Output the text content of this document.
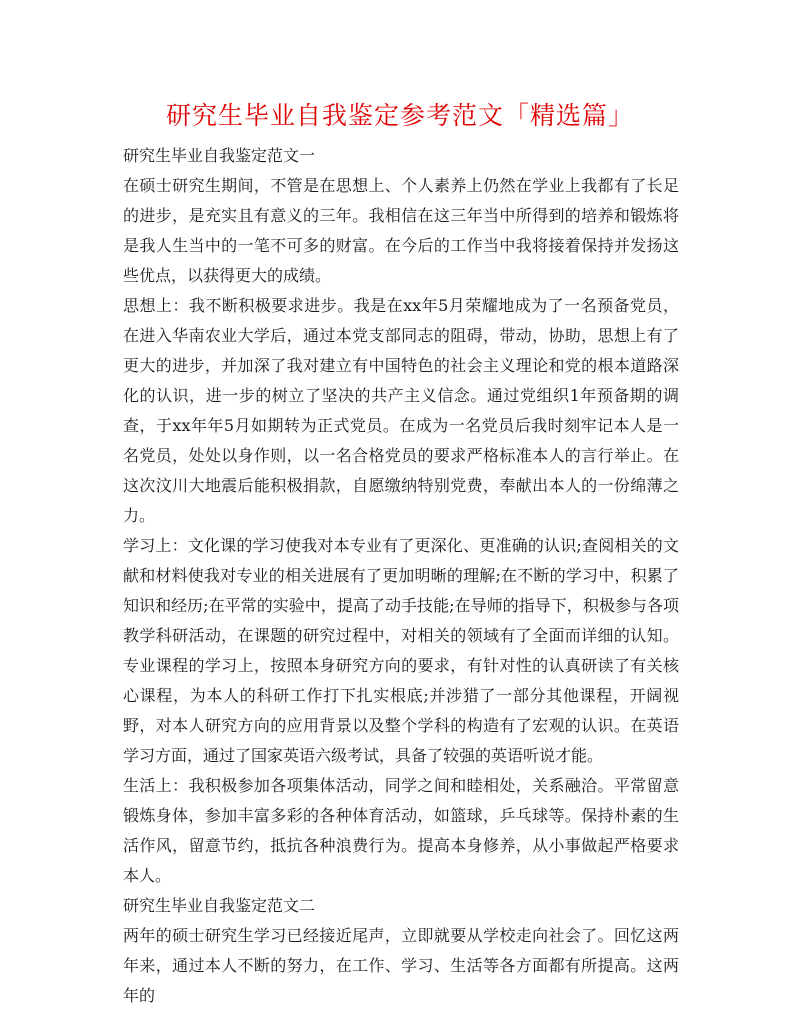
研究生毕业自我鉴定参考范文「精选篇」

研究生毕业自我鉴定范文一

在硕士研究生期间，不管是在思想上、个人素养上仍然在学业上我都有了长足的进步，是充实且有意义的三年。我相信在这三年当中所得到的培养和锻炼将是我人生当中的一笔不可多的财富。在今后的工作当中我将接着保持并发扬这些优点，以获得更大的成绩。

思想上：我不断积极要求进步。我是在xx年5月荣耀地成为了一名预备党员，在进入华南农业大学后，通过本党支部同志的阻碍，带动，协助，思想上有了更大的进步，并加深了我对建立有中国特色的社会主义理论和党的根本道路深化的认识，进一步的树立了坚决的共产主义信念。通过党组织1年预备期的调查，于xx年年5月如期转为正式党员。在成为一名党员后我时刻牢记本人是一名党员，处处以身作则，以一名合格党员的要求严格标准本人的言行举止。在这次汶川大地震后能积极捐款，自愿缴纳特别党费，奉献出本人的一份绵薄之力。

学习上：文化课的学习使我对本专业有了更深化、更准确的认识;查阅相关的文献和材料使我对专业的相关进展有了更加明晰的理解;在不断的学习中，积累了知识和经历;在平常的实验中，提高了动手技能;在导师的指导下，积极参与各项教学科研活动，在课题的研究过程中，对相关的领域有了全面而详细的认知。专业课程的学习上，按照本身研究方向的要求，有针对性的认真研读了有关核心课程，为本人的科研工作打下扎实根底;并涉猎了一部分其他课程，开阔视野，对本人研究方向的应用背景以及整个学科的构造有了宏观的认识。在英语学习方面，通过了国家英语六级考试，具备了较强的英语听说才能。

生活上：我积极参加各项集体活动，同学之间和睦相处，关系融洽。平常留意锻炼身体，参加丰富多彩的各种体育活动，如篮球，乒乓球等。保持朴素的生活作风，留意节约，抵抗各种浪费行为。提高本身修养，从小事做起严格要求本人。

研究生毕业自我鉴定范文二

两年的硕士研究生学习已经接近尾声，立即就要从学校走向社会了。回忆这两年来，通过本人不断的努力，在工作、学习、生活等各方面都有所提高。这两年的
